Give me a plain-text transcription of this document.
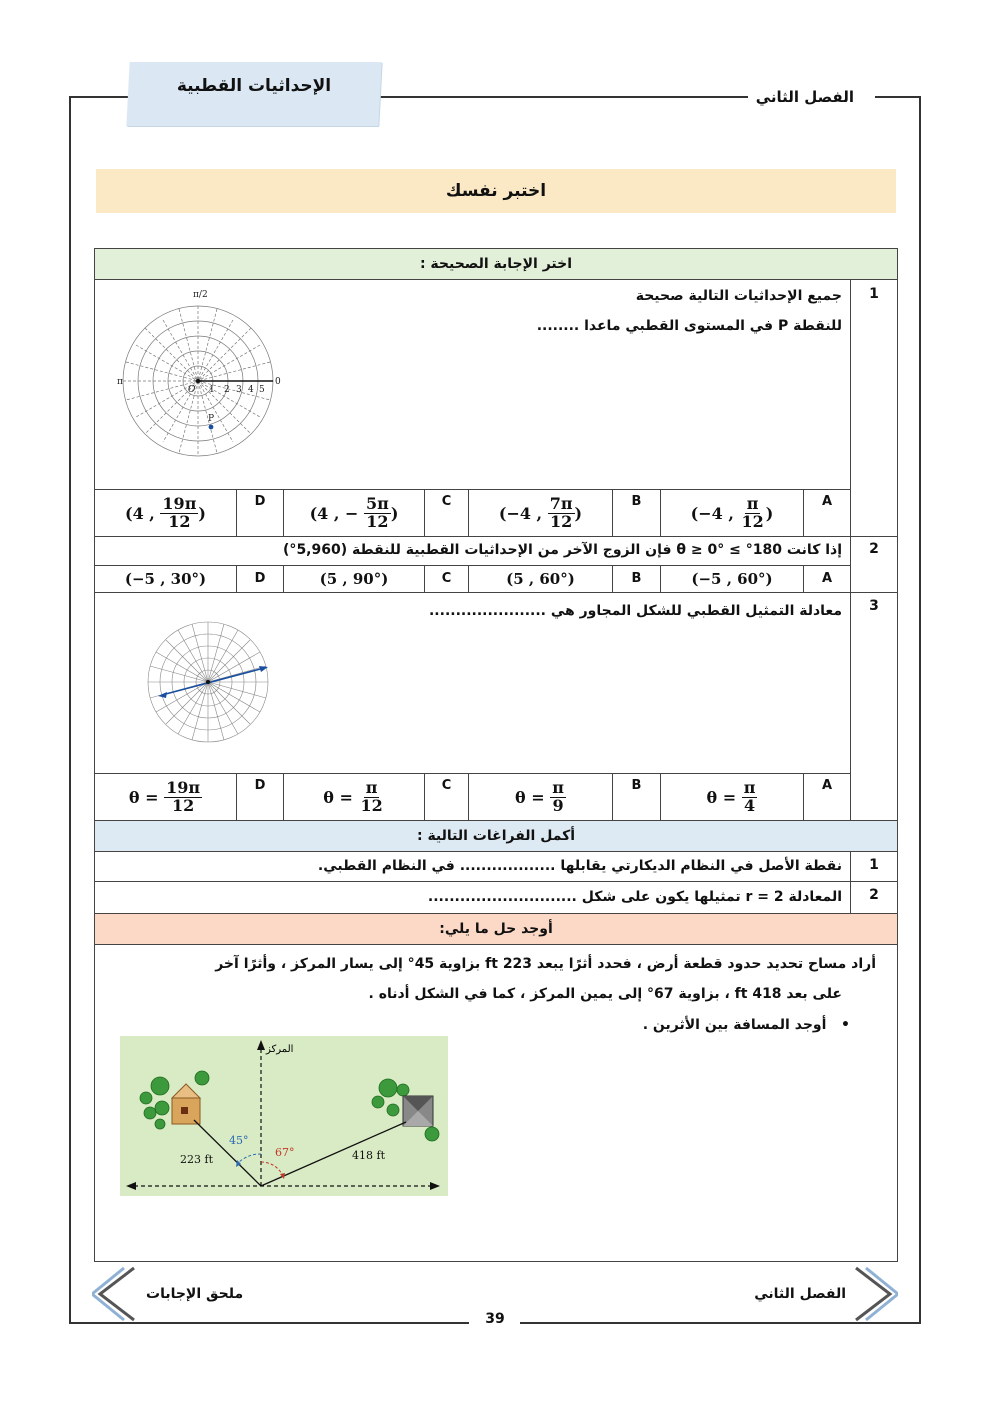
الإحداثيات القطبية
الفصل الثاني
اختبر نفسك
اختر الإجابة الصحيحة :
1
جميع الإحداثيات التالية صحيحة
للنقطة P في المستوى القطبي ماعدا ........
π/2
π	0
O
P
1 2 3 4 5
A
(−4 ,
$\frac{\pi}{12}$ )
B
(−4 ,
$\frac{7\pi}{12}$ )
C
(4 , −
$\frac{5\pi}{12}$ )
D
(4 ,
$\frac{19\pi}{12}$ )
2
إذا كانت 180° ≥ θ ≥ 0° فإن الزوج الآخر من الإحداثيات القطبية للنقطة (5,960°)
A
(−5 , 60°)
B
(5 , 60°)
C
(5 , 90°)
D
(−5 , 30°)
3
معادلة التمثيل القطبي للشكل المجاور هي ......................
A
θ =
$\frac{\pi}{4}$
B
θ =
$\frac{\pi}{9}$
C
θ =
$\frac{\pi}{12}$
D
θ =
$\frac{19\pi}{12}$
أكمل الفراغات التالية :
1
نقطة الأصل في النظام الديكارتي يقابلها .................. في النظام القطبي.
2
المعادلة r = 2 تمثيلها يكون على شكل ............................
أوجد حل ما يلي:
أراد مساح تحديد حدود قطعة أرض ، فحدد أثرًا يبعد 223 ft بزاوية 45° إلى يسار المركز ، وأثرًا آخر
على بعد 418 ft ، بزاوية 67° إلى يمين المركز ، كما في الشكل أدناه .
•   أوجد المسافة بين الأثرين .
المركز
223 ft	418 ft
45°
67°
الفصل الثاني
ملحق الإجابات
39
